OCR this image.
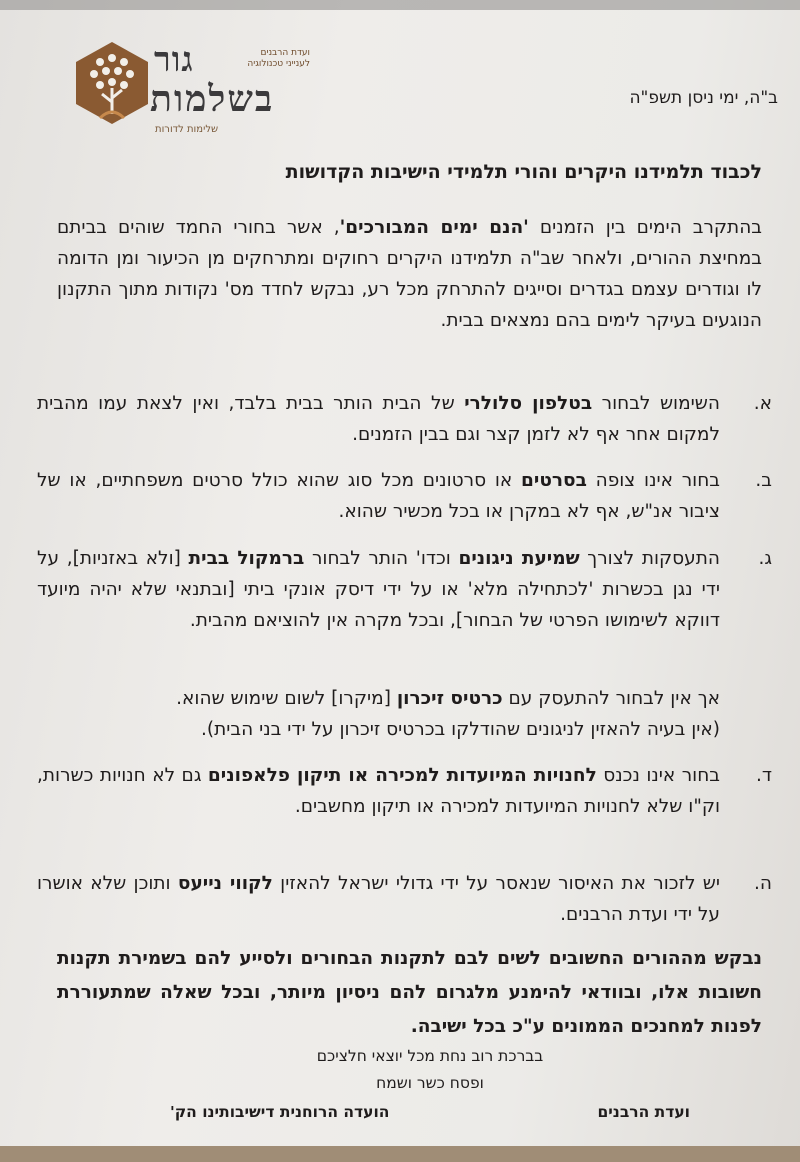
ועדת הרבנים
לענייני טכנולוגיה
גור
בשלמות
שלימות לדורות
ב"ה, ימי ניסן תשפ"ה
לכבוד תלמידנו היקרים והורי תלמידי הישיבות הקדושות
בהתקרב הימים בין הזמנים 'הנם ימים המבורכים', אשר בחורי החמד שוהים בביתם במחיצת ההורים, ולאחר שב"ה תלמידנו היקרים רחוקים ומתרחקים מן הכיעור ומן הדומה לו וגודרים עצמם בגדרים וסייגים להתרחק מכל רע, נבקש לחדד מס' נקודות מתוך התקנון הנוגעים בעיקר לימים בהם נמצאים בבית.
א.
השימוש לבחור בטלפון סלולרי של הבית הותר בבית בלבד, ואין לצאת עמו מהבית למקום אחר אף לא לזמן קצר וגם בבין הזמנים.
ב.
בחור אינו צופה בסרטים או סרטונים מכל סוג שהוא כולל סרטים משפחתיים, או של ציבור אנ"ש, אף לא במקרן או בכל מכשיר שהוא.
ג.
התעסקות לצורך שמיעת ניגונים וכדו' הותר לבחור ברמקול בבית [ולא באזניות], על ידי נגן בכשרות 'לכתחילה מלא' או על ידי דיסק אונקי ביתי [ובתנאי שלא יהיה מיועד דווקא לשימושו הפרטי של הבחור], ובכל מקרה אין להוציאם מהבית.
אך אין לבחור להתעסק עם כרטיס זיכרון [מיקרו] לשום שימוש שהוא.
(אין בעיה להאזין לניגונים שהודלקו בכרטיס זיכרון על ידי בני הבית).
ד.
בחור אינו נכנס לחנויות המיועדות למכירה או תיקון פלאפונים גם לא חנויות כשרות, וק"ו שלא לחנויות המיועדות למכירה או תיקון מחשבים.
ה.
יש לזכור את האיסור שנאסר על ידי גדולי ישראל להאזין לקווי נייעס ותוכן שלא אושרו על ידי ועדת הרבנים.
נבקש מההורים החשובים לשים לבם לתקנות הבחורים ולסייע להם בשמירת תקנות חשובות אלו, ובוודאי להימנע מלגרום להם ניסיון מיותר, ובכל שאלה שמתעוררת לפנות למחנכים הממונים ע"כ בכל ישיבה.
בברכת רוב נחת מכל יוצאי חלציכם
ופסח כשר ושמח
הועדה הרוחנית דישיבותינו הק'	ועדת הרבנים
